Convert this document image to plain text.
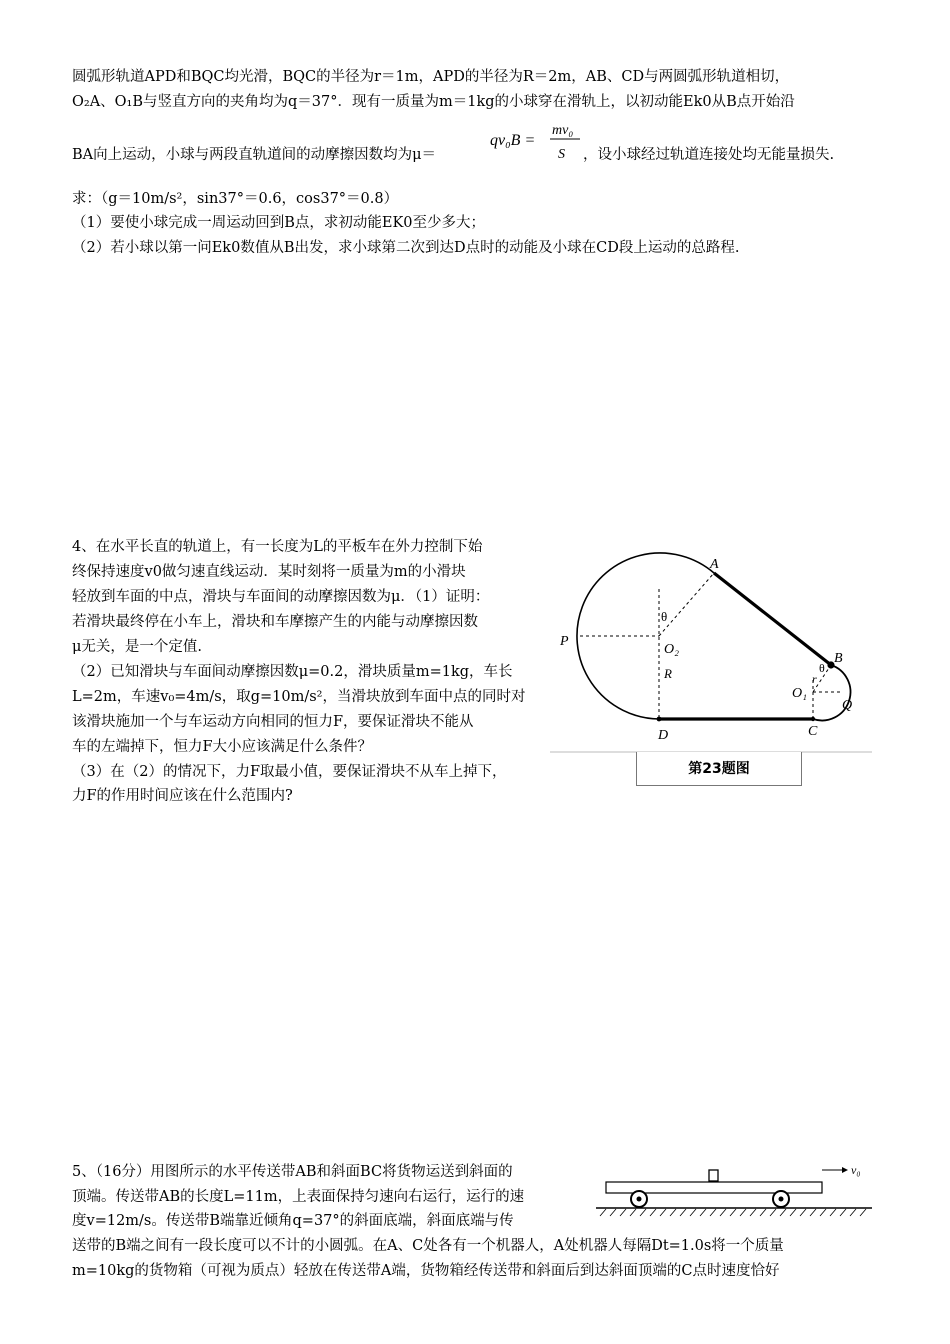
圆弧形轨道APD和BQC均光滑，BQC的半径为r＝1m，APD的半径为R＝2m，AB、CD与两圆弧形轨道相切，
O₂A、O₁B与竖直方向的夹角均为q＝37°．现有一质量为m＝1kg的小球穿在滑轨上，以初动能Ek0从B点开始沿
BA向上运动，小球与两段直轨道间的动摩擦因数均为μ＝
qv₀B =
mv₀
S ，设小球经过轨道连接处均无能量损失.
求：（g＝10m/s²，sin37°＝0.6，cos37°＝0.8）
（1）要使小球完成一周运动回到B点，求初动能EK0至少多大；
（2）若小球以第一问Ek0数值从B出发，求小球第二次到达D点时的动能及小球在CD段上运动的总路程.
4、在水平长直的轨道上，有一长度为L的平板车在外力控制下始
终保持速度v0做匀速直线运动．某时刻将一质量为m的小滑块
轻放到车面的中点，滑块与车面间的动摩擦因数为μ．（1）证明：
若滑块最终停在小车上，滑块和车摩擦产生的内能与动摩擦因数
μ无关，是一个定值.
（2）已知滑块与车面间动摩擦因数μ=0.2，滑块质量m=1kg，车长
L=2m，车速v₀=4m/s，取g=10m/s²，当滑块放到车面中点的同时对
该滑块施加一个与车运动方向相同的恒力F，要保证滑块不能从
车的左端掉下，恒力F大小应该满足什么条件？
（3）在（2）的情况下，力F取最小值，要保证滑块不从车上掉下，
力F的作用时间应该在什么范围内?
A
B
C
D
P
Q
O₂
O₁
R	r
θ
θ
第23题图
5、（16分）用图所示的水平传送带AB和斜面BC将货物运送到斜面的
顶端。传送带AB的长度L=11m，上表面保持匀速向右运行，运行的速
度v=12m/s。传送带B端靠近倾角q=37°的斜面底端，斜面底端与传
送带的B端之间有一段长度可以不计的小圆弧。在A、C处各有一个机器人，A处机器人每隔Dt=1.0s将一个质量
m=10kg的货物箱（可视为质点）轻放在传送带A端，货物箱经传送带和斜面后到达斜面顶端的C点时速度恰好
v₀
